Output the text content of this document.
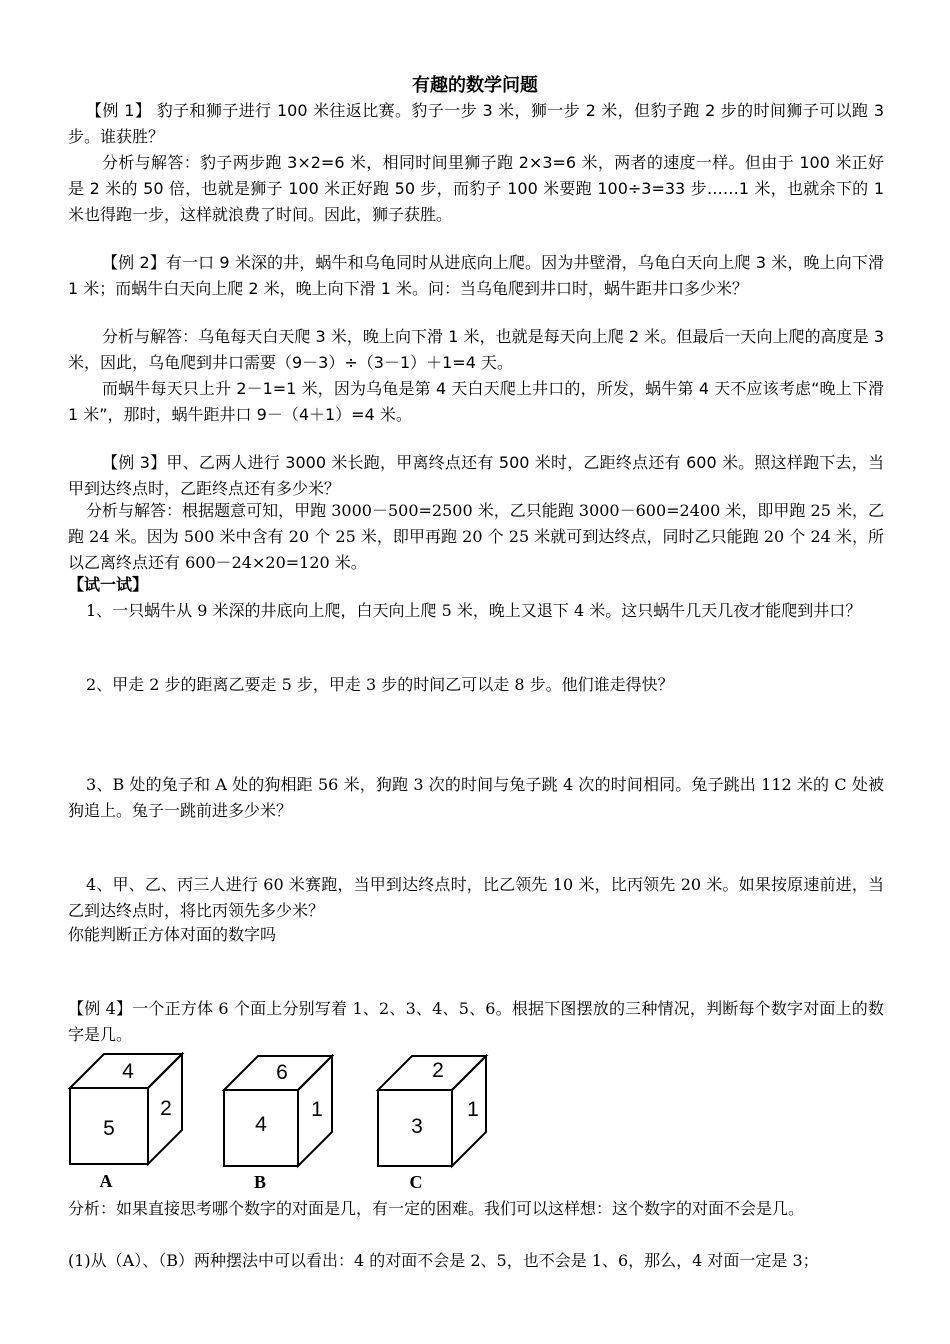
有趣的数学问题

【例 1】 豹子和狮子进行 100 米往返比赛。豹子一步 3 米，狮一步 2 米，但豹子跑 2 步的时间狮子可以跑 3 步。谁获胜？

分析与解答：豹子两步跑 3×2=6 米，相同时间里狮子跑 2×3=6 米，两者的速度一样。但由于 100 米正好是 2 米的 50 倍，也就是狮子 100 米正好跑 50 步，而豹子 100 米要跑 100÷3=33 步……1 米，也就余下的 1 米也得跑一步，这样就浪费了时间。因此，狮子获胜。

【例 2】有一口 9 米深的井，蜗牛和乌龟同时从进底向上爬。因为井壁滑，乌龟白天向上爬 3 米，晚上向下滑 1 米；而蜗牛白天向上爬 2 米，晚上向下滑 1 米。问：当乌龟爬到井口时，蜗牛距井口多少米？

分析与解答：乌龟每天白天爬 3 米，晚上向下滑 1 米，也就是每天向上爬 2 米。但最后一天向上爬的高度是 3 米，因此，乌龟爬到井口需要（9－3）÷（3－1）＋1=4 天。

而蜗牛每天只上升 2－1=1 米，因为乌龟是第 4 天白天爬上井口的，所发，蜗牛第 4 天不应该考虑“晚上下滑 1 米”，那时，蜗牛距井口 9－（4＋1）=4 米。

【例 3】甲、乙两人进行 3000 米长跑，甲离终点还有 500 米时，乙距终点还有 600 米。照这样跑下去，当甲到达终点时，乙距终点还有多少米？

分析与解答：根据题意可知，甲跑 3000－500=2500 米，乙只能跑 3000－600=2400 米，即甲跑 25 米，乙跑 24 米。因为 500 米中含有 20 个 25 米，即甲再跑 20 个 25 米就可到达终点，同时乙只能跑 20 个 24 米，所以乙离终点还有 600－24×20=120 米。

【试一试】

1、一只蜗牛从 9 米深的井底向上爬，白天向上爬 5 米，晚上又退下 4 米。这只蜗牛几天几夜才能爬到井口？

2、甲走 2 步的距离乙要走 5 步，甲走 3 步的时间乙可以走 8 步。他们谁走得快？

3、B 处的兔子和 A 处的狗相距 56 米，狗跑 3 次的时间与兔子跳 4 次的时间相同。兔子跳出 112 米的 C 处被狗追上。兔子一跳前进多少米？

4、甲、乙、丙三人进行 60 米赛跑，当甲到达终点时，比乙领先 10 米，比丙领先 20 米。如果按原速前进，当乙到达终点时，将比丙领先多少米？

你能判断正方体对面的数字吗

【例 4】一个正方体 6 个面上分别写着 1、2、3、4、5、6。根据下图摆放的三种情况，判断每个数字对面上的数字是几。

4
5
2
A
6
4
1
B
2
3
1
C

分析：如果直接思考哪个数字的对面是几，有一定的困难。我们可以这样想：这个数字的对面不会是几。

(1)从（A）、（B）两种摆法中可以看出：4 的对面不会是 2、5，也不会是 1、6，那么，4 对面一定是 3；
